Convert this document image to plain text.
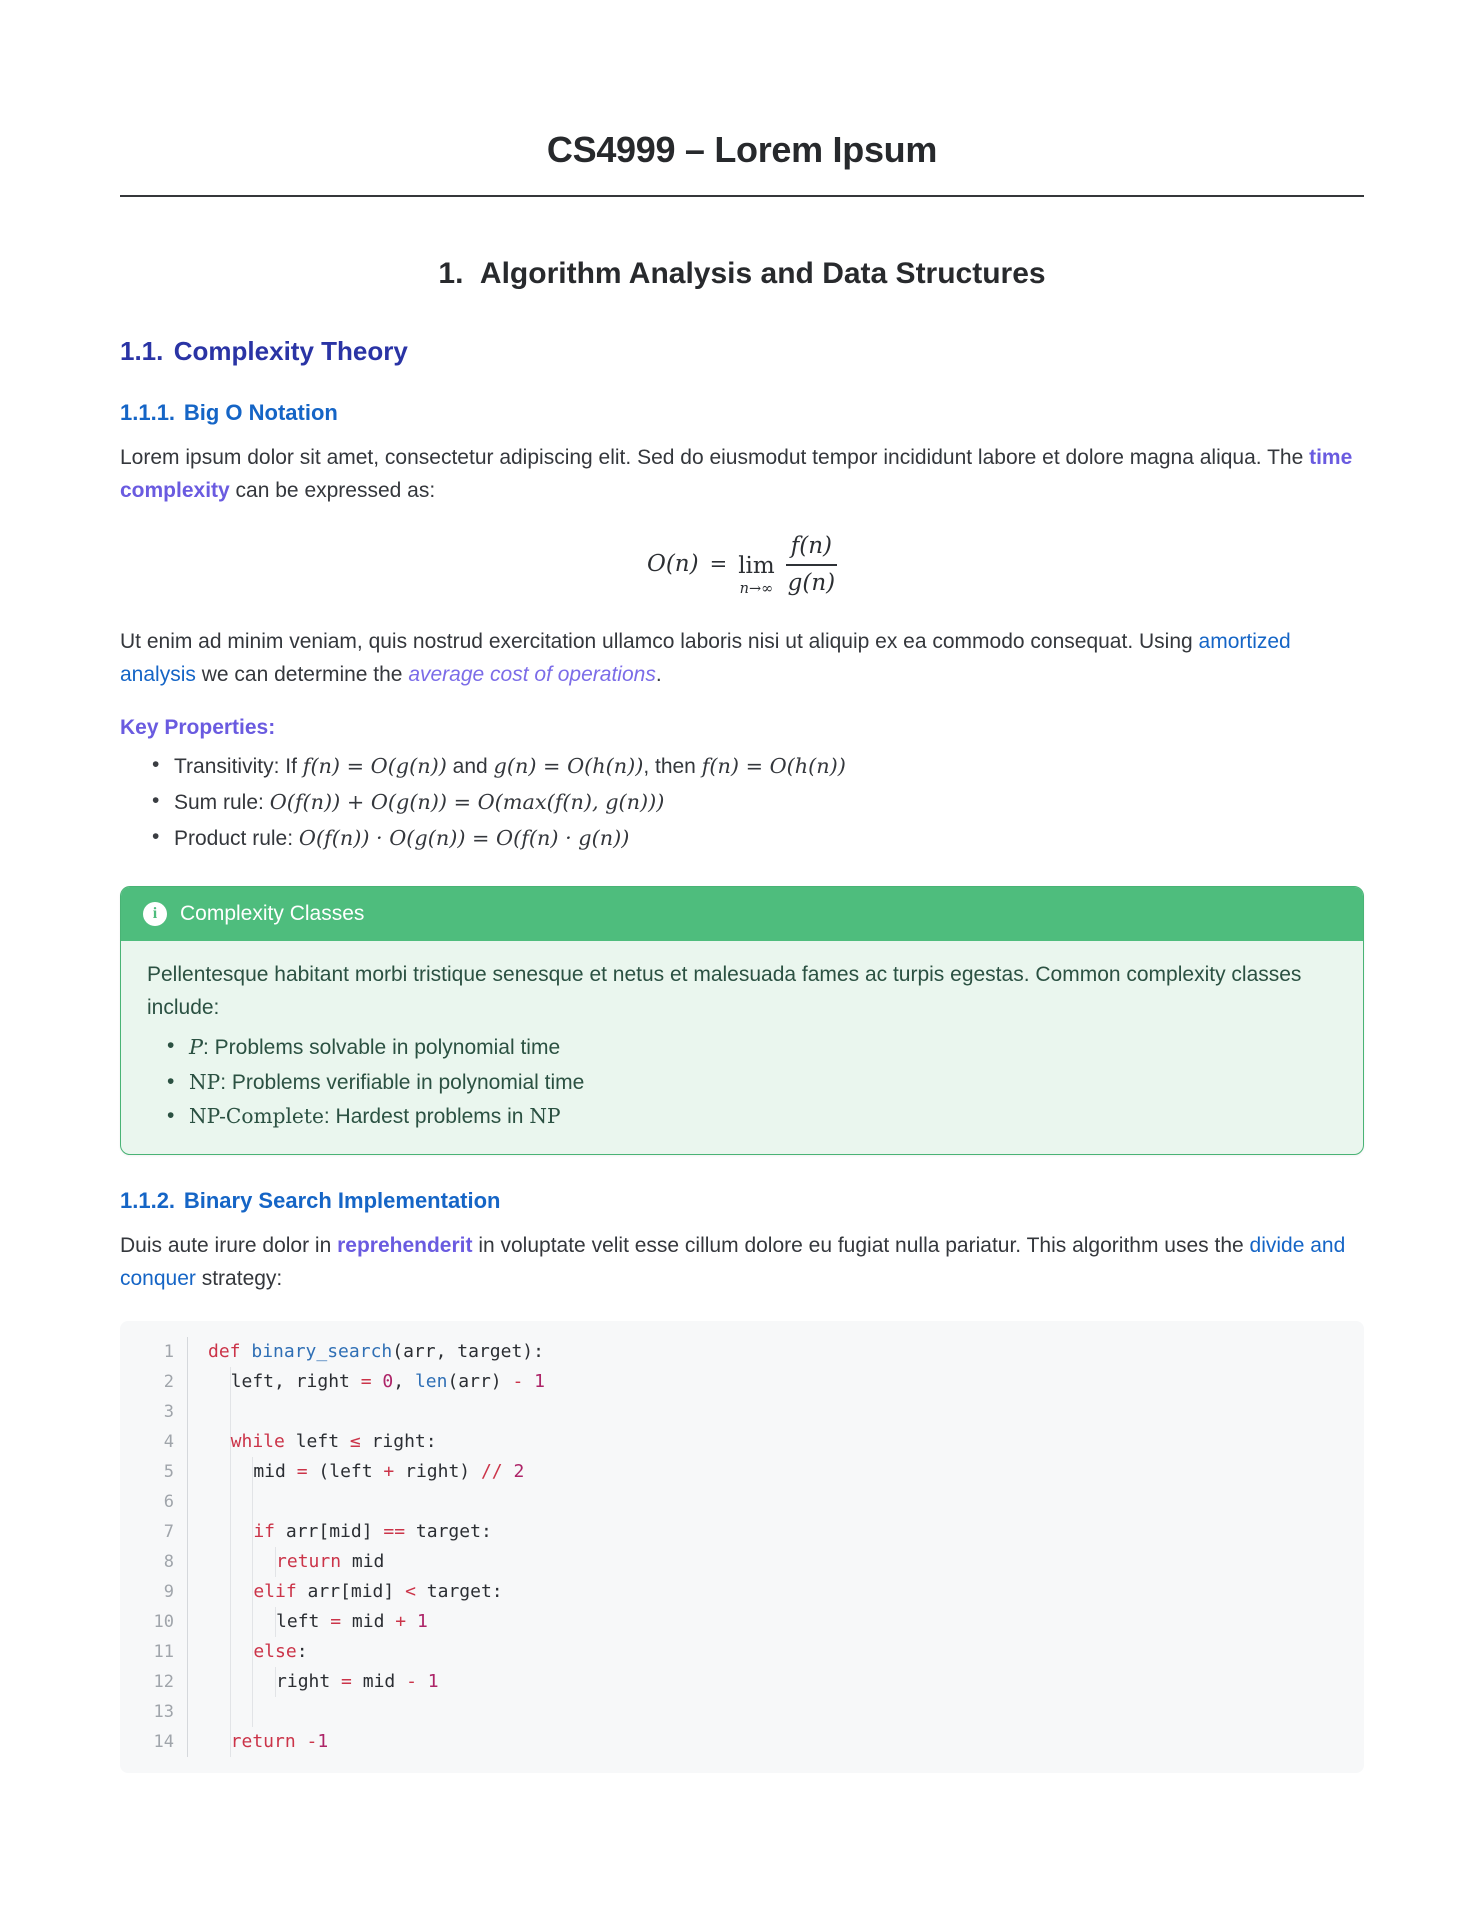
CS4999 – Lorem Ipsum
1. Algorithm Analysis and Data Structures
1.1. Complexity Theory
1.1.1. Big O Notation

Lorem ipsum dolor sit amet, consectetur adipiscing elit. Sed do eiusmodut tempor incididunt labore et dolore magna aliqua. The time complexity can be expressed as:

O(n) = lim
$n\to\infty \frac{f(n)}{g(n)}$

Ut enim ad minim veniam, quis nostrud exercitation ullamco laboris nisi ut aliquip ex ea commodo consequat. Using amortized analysis we can determine the average cost of operations.

Key Properties:
• Transitivity: If f(n) = O(g(n)) and g(n) = O(h(n)), then f(n) = O(h(n))
• Sum rule: O(f(n)) + O(g(n)) = O(max(f(n), g(n)))
• Product rule: O(f(n)) · O(g(n)) = O(f(n) · g(n))
i	Complexity Classes

Pellentesque habitant morbi tristique senesque et netus et malesuada fames ac turpis egestas. Common complexity classes include:

• P: Problems solvable in polynomial time
• NP: Problems verifiable in polynomial time
• NP-Complete: Hardest problems in NP
1.1.2. Binary Search Implementation

Duis aute irure dolor in reprehenderit in voluptate velit esse cillum dolore eu fugiat nulla pariatur. This algorithm uses the divide and conquer strategy:

1	def binary_search (arr, target):
2	left, right = 0 , len (arr) - 1
3
4	while left ≤ right:
5	mid = (left + right) // 2
6
7	if arr[mid] == target:
8	return mid
9	elif arr[mid] < target:
10	left = mid + 1
11	else :
12	right = mid - 1
13
14	return - 1
